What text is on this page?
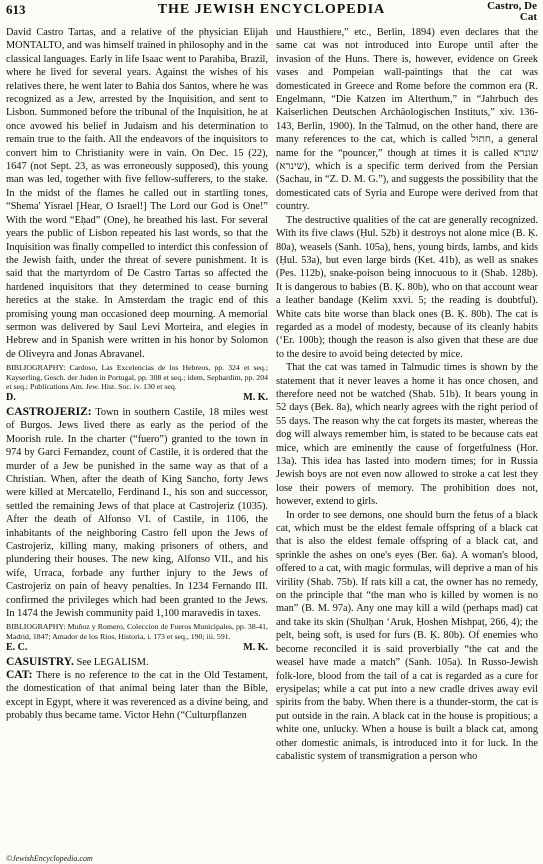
613	THE JEWISH ENCYCLOPEDIA	Castro, De
Cat

David Castro Tartas, and a relative of the physician Elijah MONTALTO, and was himself trained in philosophy and in the classical languages. Early in life Isaac went to Parahiba, Brazil, where he lived for several years. Against the wishes of his relatives there, he went later to Bahia dos Santos, where he was recognized as a Jew, arrested by the Inquisition, and sent to Lisbon. Summoned before the tribunal of the Inquisition, he at once avowed his belief in Judaism and his determination to remain true to the faith. All the endeavors of the inquisitors to convert him to Christianity were in vain. On Dec. 15 (22), 1647 (not Sept. 23, as was erroneously supposed), this young man was led, together with five fellow-sufferers, to the stake. In the midst of the flames he called out in startling tones, “Shema' Yisrael [Hear, O Israel!] The Lord our God is One!” With the word “Eḥad” (One), he breathed his last. For several years the public of Lisbon repeated his last words, so that the Inquisition was finally compelled to interdict this confession of the Jewish faith, under the threat of severe punishment. It is said that the martyrdom of De Castro Tartas so affected the hardened inquisitors that they determined to cease burning heretics at the stake. In Amsterdam the tragic end of this promising young man occasioned deep mourning. A memorial sermon was delivered by Saul Levi Morteira, and elegies in Hebrew and in Spanish were written in his honor by Solomon de Oliveyra and Jonas Abravanel.

BIBLIOGRAPHY: Cardoso, Las Excelencias de los Hebreos, pp. 324 et seq.; Kayserling, Gesch. der Juden in Portugal, pp. 308 et seq.; idem, Sephardim, pp. 204 et seq.; Publications Am. Jew. Hist. Soc. iv. 130 et seq.
D.	M. K.

CASTROJERIZ: Town in southern Castile, 18 miles west of Burgos. Jews lived there as early as the period of the Moorish rule. In the charter (“fuero”) granted to the town in 974 by Garci Fernandez, count of Castile, it is ordered that the murder of a Jew be punished in the same way as that of a Christian. When, after the death of King Sancho, forty Jews were killed at Mercatello, Ferdinand I., his son and successor, settled the remaining Jews of that place at Castrojeriz (1035). After the death of Alfonso VI. of Castile, in 1106, the inhabitants of the neighboring Castro fell upon the Jews of Castrojeriz, killing many, making prisoners of others, and plundering their houses. The new king, Alfonso VII., and his wife, Urraca, forbade any further injury to the Jews of Castrojeriz on pain of heavy penalties. In 1234 Fernando III. confirmed the privileges which had been granted to the Jews. In 1474 the Jewish community paid 1,100 maravedis in taxes.

BIBLIOGRAPHY: Muñoz y Romero, Coleccion de Fueros Municipales, pp. 38-41, Madrid, 1847; Amador de los Rios, Historia, i. 173 et seq., 190; iii. 591.
E. C.	M. K.

CASUISTRY. See LEGALISM.

CAT: There is no reference to the cat in the Old Testament, the domestication of that animal being later than the Bible, except in Egypt, where it was reverenced as a divine being, and probably thus became tame. Victor Hehn (“Culturpflanzen

und Hausthiere,” etc., Berlin, 1894) even declares that the same cat was not introduced into Europe until after the invasion of the Huns. There is, however, evidence on Greek vases and Pompeian wall-paintings that the cat was domesticated in Greece and Rome before the common era (R. Engelmann, “Die Katzen im Alterthum,” in “Jahrbuch des Kaiserlichen Deutschen Archäologischen Instituts,” xiv. 136-143, Berlin, 1900). In the Talmud, on the other hand, there are many references to the cat, which is called חתול, a general name for the “pouncer,” though at times it is called שונרא (שינרא), which is a specific term derived from the Persian (Sachau, in “Z. D. M. G.”), and suggests the possibility that the domesticated cats of Syria and Europe were derived from that country.

The destructive qualities of the cat are generally recognized. With its five claws (Ḥul. 52b) it destroys not alone mice (B. Ḳ. 80a), weasels (Sanh. 105a), hens, young birds, lambs, and kids (Ḥul. 53a), but even large birds (Ket. 41b), as well as snakes (Pes. 112b), snake-poison being innocuous to it (Shab. 128b). It is dangerous to babies (B. Ḳ. 80b), who on that account wear a leather bandage (Kelim xxvi. 5; the reading is doubtful). White cats bite worse than black ones (B. Ḳ. 80b). The cat is regarded as a model of modesty, because of its cleanly habits (‘Er. 100b); though the reason is also given that these are due to the desire to avoid being detected by mice.

That the cat was tamed in Talmudic times is shown by the statement that it never leaves a home it has once chosen, and therefore need not be watched (Shab. 51b). It bears young in 52 days (Bek. 8a), which nearly agrees with the right period of 55 days. The reason why the cat forgets its master, whereas the dog will always remember him, is stated to be because cats eat mice, which are eminently the cause of forgetfulness (Hor. 13a). This idea has lasted into modern times; for in Russia Jewish boys are not even now allowed to stroke a cat lest they lose their powers of memory. The prohibition does not, however, extend to girls.

In order to see demons, one should burn the fetus of a black cat, which must be the eldest female offspring of a black cat that is also the eldest female offspring of a black cat, and sprinkle the ashes on one's eyes (Ber. 6a). A woman's blood, offered to a cat, with magic formulas, will deprive a man of his virility (Shab. 75b). If rats kill a cat, the owner has no remedy, on the principle that “the man who is killed by women is no man” (B. M. 97a). Any one may kill a wild (perhaps mad) cat and take its skin (Shulḥan ‘Aruk, Ḥoshen Mishpaṭ, 266, 4); the pelt, being soft, is used for furs (B. Ḳ. 80b). Of enemies who become reconciled it is said proverbially “the cat and the weasel have made a match” (Sanh. 105a). In Russo-Jewish folk-lore, blood from the tail of a cat is regarded as a cure for erysipelas; while a cat put into a new cradle drives away evil spirits from the baby. When there is a thunder-storm, the cat is put outside in the rain. A black cat in the house is propitious; a white one, unlucky. When a house is built a black cat, among other domestic animals, is introduced into it for luck. In the cabalistic system of transmigration a person who

©JewishEncyclopedia.com
